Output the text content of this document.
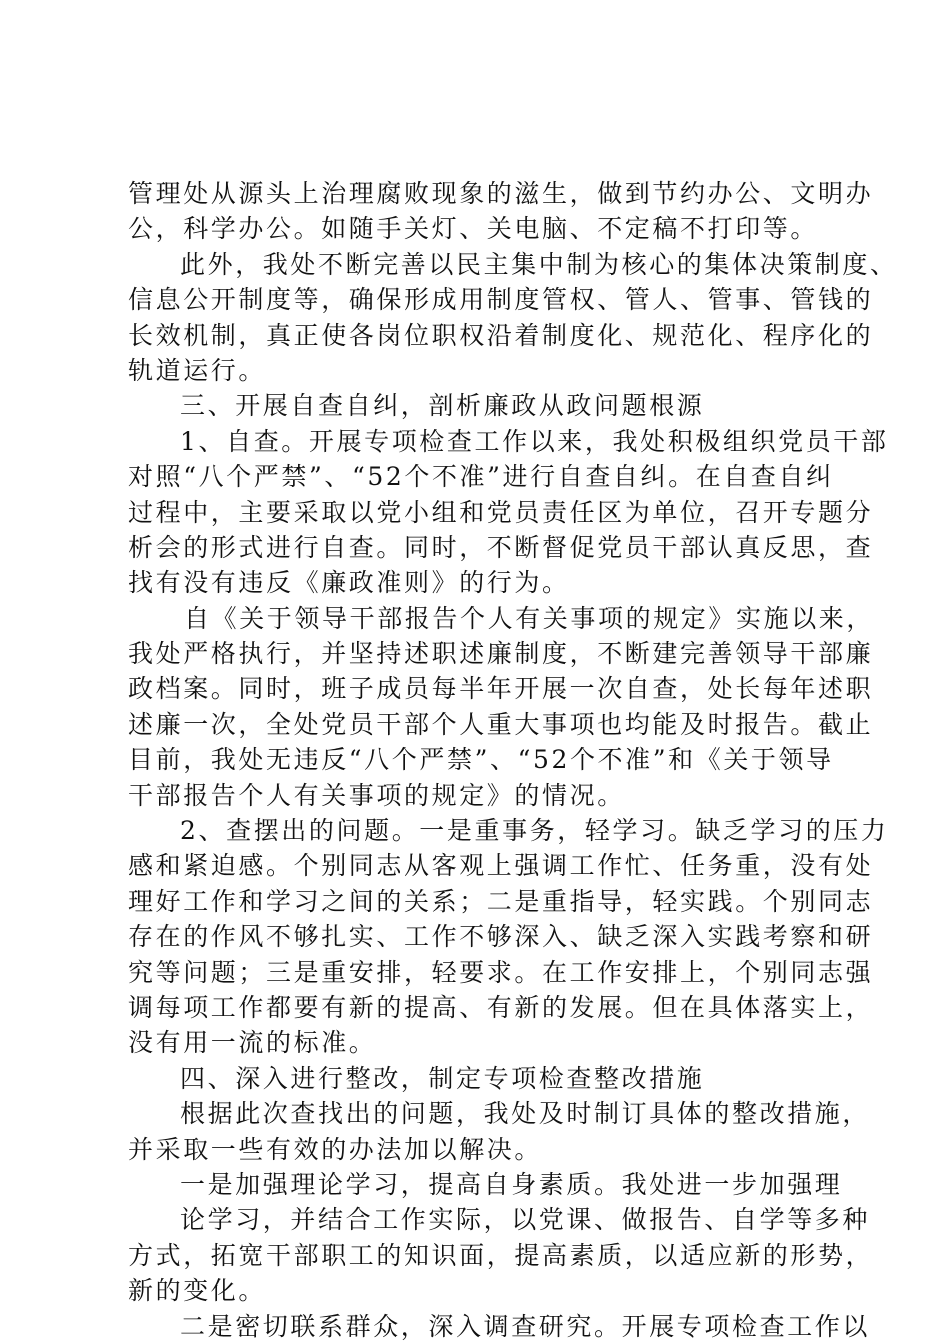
管理处从源头上治理腐败现象的滋生，做到节约办公、文明办
公，科学办公。如随手关灯、关电脑、不定稿不打印等。
此外，我处不断完善以民主集中制为核心的集体决策制度、
信息公开制度等，确保形成用制度管权、管人、管事、管钱的
长效机制，真正使各岗位职权沿着制度化、规范化、程序化的
轨道运行。
三、开展自查自纠，剖析廉政从政问题根源
1、自查。开展专项检查工作以来，我处积极组织党员干部
对照“八个严禁”、“52个不准”进行自查自纠。在自查自纠
过程中，主要采取以党小组和党员责任区为单位，召开专题分
析会的形式进行自查。同时，不断督促党员干部认真反思，查
找有没有违反《廉政准则》的行为。
自《关于领导干部报告个人有关事项的规定》实施以来，
我处严格执行，并坚持述职述廉制度，不断建完善领导干部廉
政档案。同时，班子成员每半年开展一次自查，处长每年述职
述廉一次，全处党员干部个人重大事项也均能及时报告。截止
目前，我处无违反“八个严禁”、“52个不准”和《关于领导
干部报告个人有关事项的规定》的情况。
2、查摆出的问题。一是重事务，轻学习。缺乏学习的压力
感和紧迫感。个别同志从客观上强调工作忙、任务重，没有处
理好工作和学习之间的关系；二是重指导，轻实践。个别同志
存在的作风不够扎实、工作不够深入、缺乏深入实践考察和研
究等问题；三是重安排，轻要求。在工作安排上，个别同志强
调每项工作都要有新的提高、有新的发展。但在具体落实上，
没有用一流的标准。
四、深入进行整改，制定专项检查整改措施
根据此次查找出的问题，我处及时制订具体的整改措施，
并采取一些有效的办法加以解决。
一是加强理论学习，提高自身素质。我处进一步加强理
论学习，并结合工作实际，以党课、做报告、自学等多种
方式，拓宽干部职工的知识面，提高素质，以适应新的形势，
新的变化。
二是密切联系群众，深入调查研究。开展专项检查工作以
